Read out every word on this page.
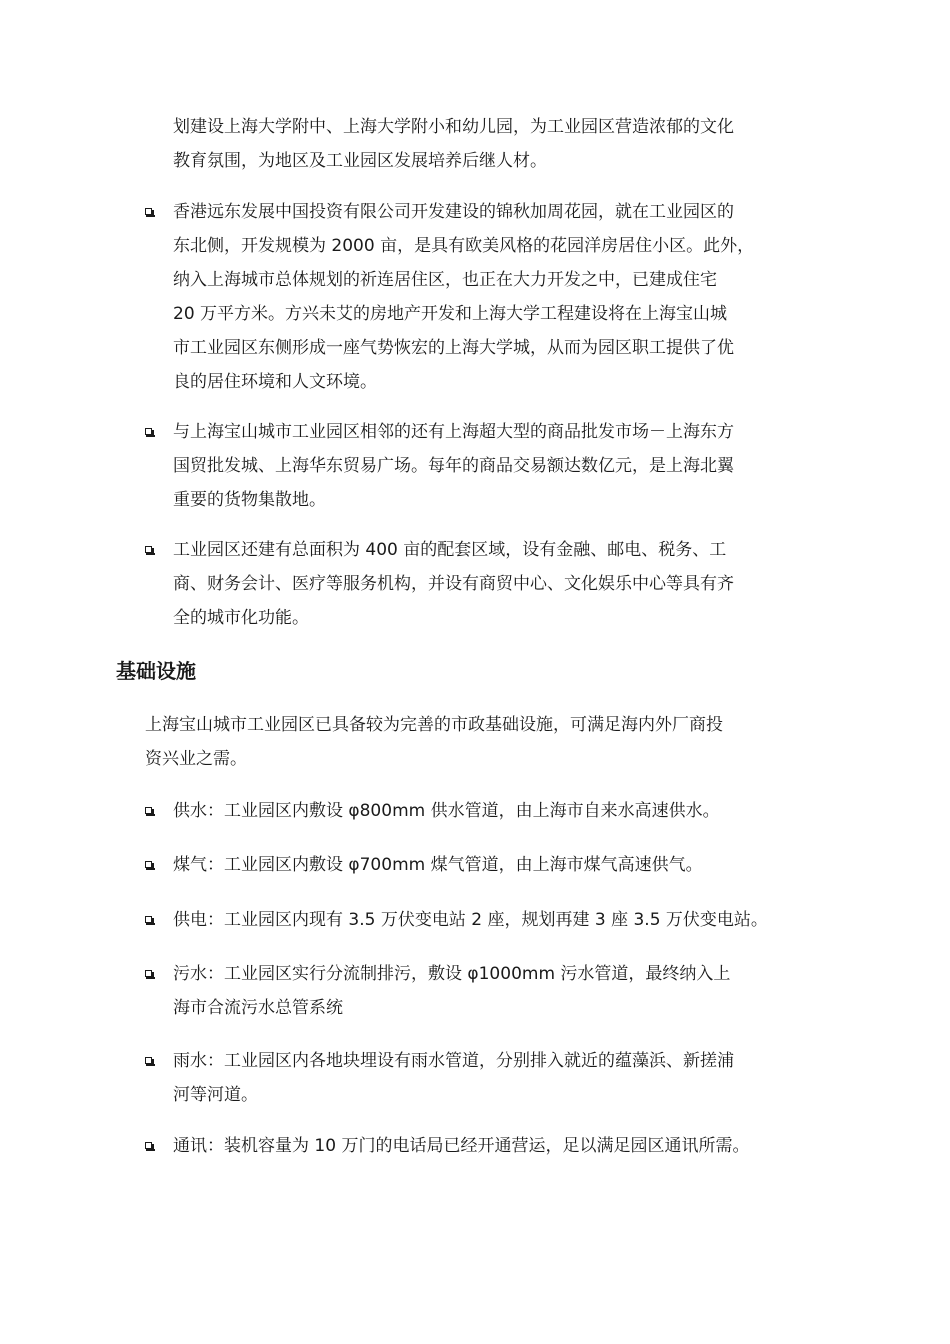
划建设上海大学附中、上海大学附小和幼儿园，为工业园区营造浓郁的文化
教育氛围，为地区及工业园区发展培养后继人材。
香港远东发展中国投资有限公司开发建设的锦秋加周花园，就在工业园区的
东北侧，开发规模为 2000 亩，是具有欧美风格的花园洋房居住小区。此外，
纳入上海城市总体规划的祈连居住区，也正在大力开发之中，已建成住宅
20 万平方米。方兴未艾的房地产开发和上海大学工程建设将在上海宝山城
市工业园区东侧形成一座气势恢宏的上海大学城，从而为园区职工提供了优
良的居住环境和人文环境。
与上海宝山城市工业园区相邻的还有上海超大型的商品批发市场－上海东方
国贸批发城、上海华东贸易广场。每年的商品交易额达数亿元，是上海北翼
重要的货物集散地。
工业园区还建有总面积为 400 亩的配套区域，设有金融、邮电、税务、工
商、财务会计、医疗等服务机构，并设有商贸中心、文化娱乐中心等具有齐
全的城市化功能。
基础设施
上海宝山城市工业园区已具备较为完善的市政基础设施，可满足海内外厂商投
资兴业之需。
供水：工业园区内敷设 φ800mm 供水管道，由上海市自来水高速供水。
煤气：工业园区内敷设 φ700mm 煤气管道，由上海市煤气高速供气。
供电：工业园区内现有 3.5 万伏变电站 2 座，规划再建 3 座 3.5 万伏变电站。
污水：工业园区实行分流制排污，敷设 φ1000mm 污水管道，最终纳入上
海市合流污水总管系统
雨水：工业园区内各地块埋设有雨水管道，分别排入就近的蕴藻浜、新搓浦
河等河道。
通讯：装机容量为 10 万门的电话局已经开通营运，足以满足园区通讯所需。
